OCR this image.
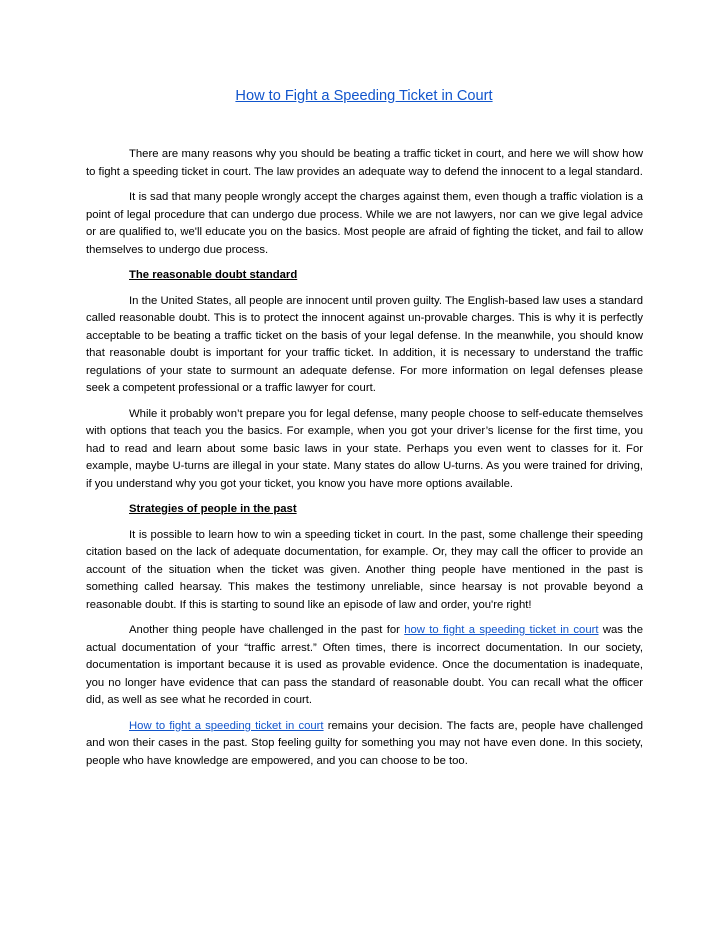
How to Fight a Speeding Ticket in Court

There are many reasons why you should be beating a traffic ticket in court, and here we will show how to fight a speeding ticket in court. The law provides an adequate way to defend the innocent to a legal standard.

It is sad that many people wrongly accept the charges against them, even though a traffic violation is a point of legal procedure that can undergo due process. While we are not lawyers, nor can we give legal advice or are qualified to, we'll educate you on the basics. Most people are afraid of fighting the ticket, and fail to allow themselves to undergo due process.

The reasonable doubt standard

In the United States, all people are innocent until proven guilty. The English-based law uses a standard called reasonable doubt. This is to protect the innocent against un-provable charges. This is why it is perfectly acceptable to be beating a traffic ticket on the basis of your legal defense. In the meanwhile, you should know that reasonable doubt is important for your traffic ticket. In addition, it is necessary to understand the traffic regulations of your state to surmount an adequate defense. For more information on legal defenses please seek a competent professional or a traffic lawyer for court.

While it probably won’t prepare you for legal defense, many people choose to self-educate themselves with options that teach you the basics. For example, when you got your driver’s license for the first time, you had to read and learn about some basic laws in your state. Perhaps you even went to classes for it. For example, maybe U-turns are illegal in your state. Many states do allow U-turns. As you were trained for driving, if you understand why you got your ticket, you know you have more options available.

Strategies of people in the past

It is possible to learn how to win a speeding ticket in court. In the past, some challenge their speeding citation based on the lack of adequate documentation, for example. Or, they may call the officer to provide an account of the situation when the ticket was given. Another thing people have mentioned in the past is something called hearsay. This makes the testimony unreliable, since hearsay is not provable beyond a reasonable doubt. If this is starting to sound like an episode of law and order, you're right!

Another thing people have challenged in the past for how to fight a speeding ticket in court was the actual documentation of your “traffic arrest.” Often times, there is incorrect documentation. In our society, documentation is important because it is used as provable evidence. Once the documentation is inadequate, you no longer have evidence that can pass the standard of reasonable doubt. You can recall what the officer did, as well as see what he recorded in court.

How to fight a speeding ticket in court remains your decision. The facts are, people have challenged and won their cases in the past. Stop feeling guilty for something you may not have even done. In this society, people who have knowledge are empowered, and you can choose to be too.
